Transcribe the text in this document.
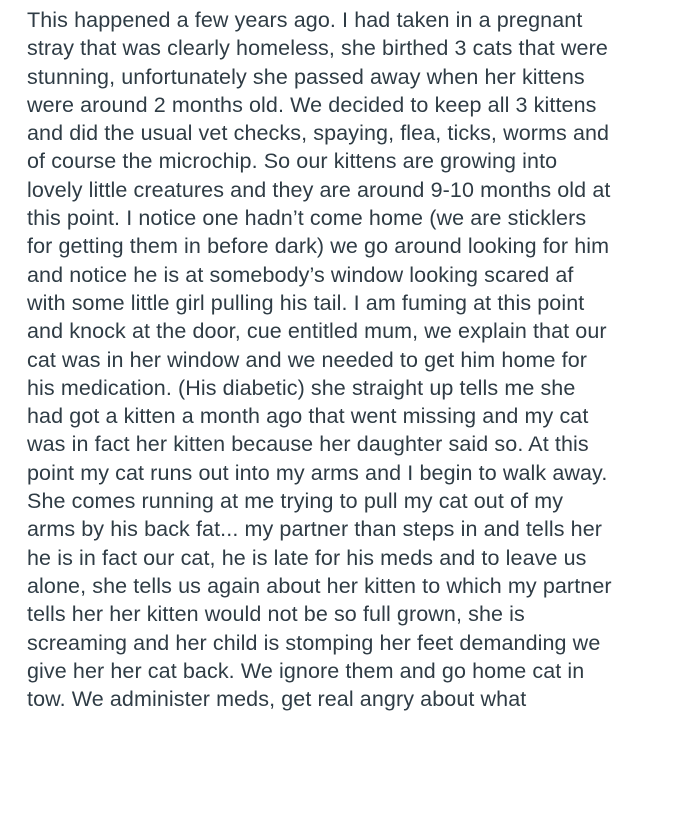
This happened a few years ago. I had taken in a pregnant
stray that was clearly homeless, she birthed 3 cats that were
stunning, unfortunately she passed away when her kittens
were around 2 months old. We decided to keep all 3 kittens
and did the usual vet checks, spaying, flea, ticks, worms and
of course the microchip. So our kittens are growing into
lovely little creatures and they are around 9-10 months old at
this point. I notice one hadn’t come home (we are sticklers
for getting them in before dark) we go around looking for him
and notice he is at somebody’s window looking scared af
with some little girl pulling his tail. I am fuming at this point
and knock at the door, cue entitled mum, we explain that our
cat was in her window and we needed to get him home for
his medication. (His diabetic) she straight up tells me she
had got a kitten a month ago that went missing and my cat
was in fact her kitten because her daughter said so. At this
point my cat runs out into my arms and I begin to walk away.
She comes running at me trying to pull my cat out of my
arms by his back fat... my partner than steps in and tells her
he is in fact our cat, he is late for his meds and to leave us
alone, she tells us again about her kitten to which my partner
tells her her kitten would not be so full grown, she is
screaming and her child is stomping her feet demanding we
give her her cat back. We ignore them and go home cat in
tow. We administer meds, get real angry about what
